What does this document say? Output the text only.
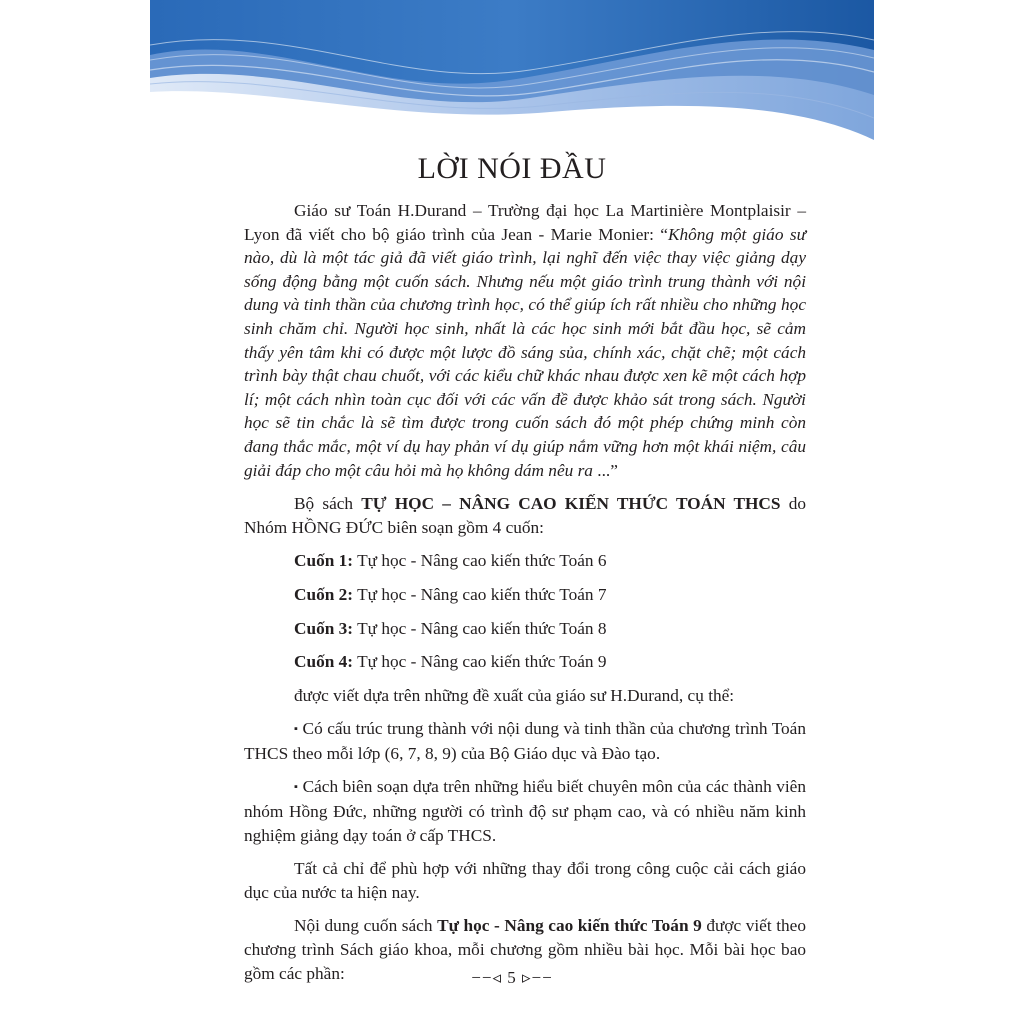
LỜI NÓI ĐẦU

Giáo sư Toán H.Durand – Trường đại học La Martinière Montplaisir – Lyon đã viết cho bộ giáo trình của Jean - Marie Monier: “Không một giáo sư nào, dù là một tác giả đã viết giáo trình, lại nghĩ đến việc thay việc giảng dạy sống động bằng một cuốn sách. Nhưng nếu một giáo trình trung thành với nội dung và tinh thần của chương trình học, có thể giúp ích rất nhiều cho những học sinh chăm chỉ. Người học sinh, nhất là các học sinh mới bắt đầu học, sẽ cảm thấy yên tâm khi có được một lược đồ sáng sủa, chính xác, chặt chẽ; một cách trình bày thật chau chuốt, với các kiểu chữ khác nhau được xen kẽ một cách hợp lí; một cách nhìn toàn cục đối với các vấn đề được khảo sát trong sách. Người học sẽ tin chắc là sẽ tìm được trong cuốn sách đó một phép chứng minh còn đang thắc mắc, một ví dụ hay phản ví dụ giúp nắm vững hơn một khái niệm, câu giải đáp cho một câu hỏi mà họ không dám nêu ra ...”

Bộ sách TỰ HỌC – NÂNG CAO KIẾN THỨC TOÁN THCS do Nhóm HỒNG ĐỨC biên soạn gồm 4 cuốn:

Cuốn 1: Tự học - Nâng cao kiến thức Toán 6

Cuốn 2: Tự học - Nâng cao kiến thức Toán 7

Cuốn 3: Tự học - Nâng cao kiến thức Toán 8

Cuốn 4: Tự học - Nâng cao kiến thức Toán 9

được viết dựa trên những đề xuất của giáo sư H.Durand, cụ thể:

▪ Có cấu trúc trung thành với nội dung và tinh thần của chương trình Toán THCS theo mỗi lớp (6, 7, 8, 9) của Bộ Giáo dục và Đào tạo.

▪ Cách biên soạn dựa trên những hiểu biết chuyên môn của các thành viên nhóm Hồng Đức, những người có trình độ sư phạm cao, và có nhiều năm kinh nghiệm giảng dạy toán ở cấp THCS.

Tất cả chỉ để phù hợp với những thay đổi trong công cuộc cải cách giáo dục của nước ta hiện nay.

Nội dung cuốn sách Tự học - Nâng cao kiến thức Toán 9 được viết theo chương trình Sách giáo khoa, mỗi chương gồm nhiều bài học. Mỗi bài học bao gồm các phần:	−−◃ 5 ▹−−
